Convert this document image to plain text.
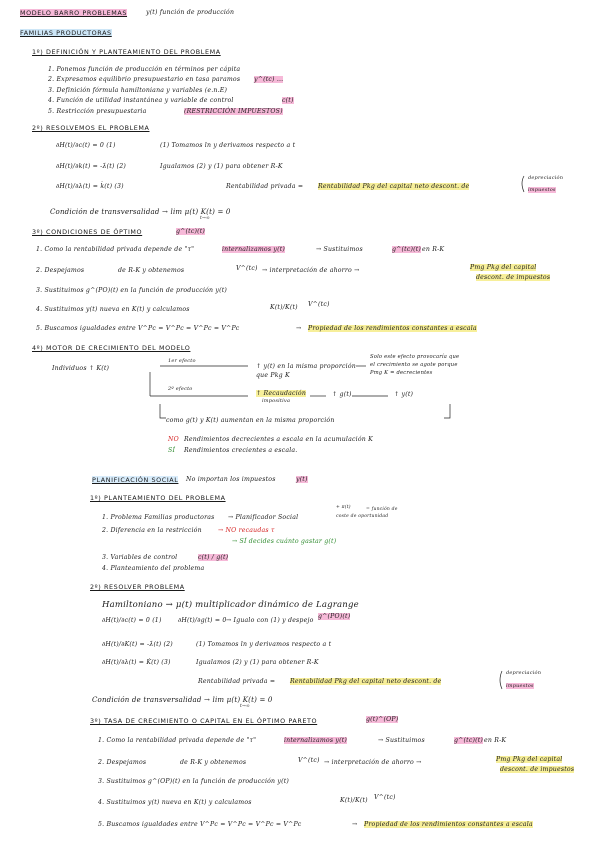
MODELO BARRO PROBLEMAS	y(t) función de producción
FAMILIAS PRODUCTORAS
1º) DEFINICIÓN Y PLANTEAMIENTO DEL PROBLEMA
1. Ponemos función de producción en términos per cápita
2. Expresamos equilibrio presupuestario en tasa paramos y^(tc) ...
3. Definición fórmula hamiltoniana y variables (e.n.E)
4. Función de utilidad instantánea y variable de control	c(t)
5. Restricción presupuestaria	(RESTRICCIÓN IMPUESTOS)
2º) RESOLVEMOS EL PROBLEMA
∂H(t)/∂c(t) = 0 (1)	(1) Tomamos ln y derivamos respecto a t
∂H(t)/∂k(t) = -λ̇(t) (2)	Igualamos (2) y (1) para obtener R-K
∂H(t)/∂λ(t) = k̇(t) (3)	Rentabilidad privada = Rentabilidad Pkg del capital neto descont. de
depreciación
impuestos
Condición de transversalidad → lim μ(t) K(t) = 0
t→∞
3º) CONDICIONES DE ÓPTIMO	g^(tc)(t)
1. Como la rentabilidad privada depende de "τ"	internalizamos y(t)	→ Sustituimos	g^(tc)(t) en R-K
2. Despejamos	de R-K y obtenemos	V^(tc) → interpretación de ahorro →	Pmg Pkg del capital
descont. de impuestos
3. Sustituimos g^(PO)(t) en la función de producción y(t)
4. Sustituimos y(t) nueva en K(t) y calculamos	K(t)/K(t) V^(tc)
5. Buscamos igualdades entre V^Pc = V^Pc = V^Pc = V^Pc	→ Propiedad de los rendimientos constantes a escala
4º) MOTOR DE CRECIMIENTO DEL MODELO
Individuos ↑ K(t)
1er efecto
↑ y(t) en la misma proporción que Pkg K
Solo este efecto provocaría que el crecimiento se agote porque Pmg K = decrecientes
2º efecto
↑ Recaudación
impositiva
↑ g(t)	↑ y(t)
como g(t) y K(t) aumentan en la misma proporción
NO Rendimientos decrecientes a escala en la acumulación K
SÍ Rendimientos crecientes a escala.
PLANIFICACIÓN SOCIAL No importan los impuestos	y(t)
1º) PLANTEAMIENTO DEL PROBLEMA
1. Problema Familias productoras → Planificador Social
+ π(t)
coste de oportunidad
= función de
2. Diferencia en la restricción	→ NO recaudas τ
→ SÍ decides cuánto gastar g(t)
3. Variables de control	c(t) / g(t)
4. Planteamiento del problema
2º) RESOLVER PROBLEMA
Hamiltoniano → μ(t) multiplicador dinámico de Lagrange
∂H(t)/∂c(t) = 0 (1)	∂H(t)/∂g(t) = 0 → Igualo con (1) y despejo
g^(PO)(t)
∂H(t)/∂K(t) = -λ̇(t) (2)	(1) Tomamos ln y derivamos respecto a t
∂H(t)/∂λ(t) = K̇(t) (3)	Igualamos (2) y (1) para obtener R-K
Rentabilidad privada = Rentabilidad Pkg del capital neto descont. de
depreciación
impuestos
Condición de transversalidad → lim μ(t) K(t) = 0
t→∞
3º) TASA DE CRECIMIENTO O CAPITAL EN EL ÓPTIMO PARETO	g(t)^(OP)
1. Como la rentabilidad privada depende de "τ"	internalizamos y(t)	→ Sustituimos	g^(tc)(t) en R-K
2. Despejamos	de R-K y obtenemos	V^(tc) → interpretación de ahorro →	Pmg Pkg del capital
descont. de impuestos
3. Sustituimos g^(OP)(t) en la función de producción y(t)
4. Sustituimos y(t) nueva en K(t) y calculamos	K(t)/K(t) V^(tc)
5. Buscamos igualdades entre V^Pc = V^Pc = V^Pc = V^Pc	→ Propiedad de los rendimientos constantes a escala
